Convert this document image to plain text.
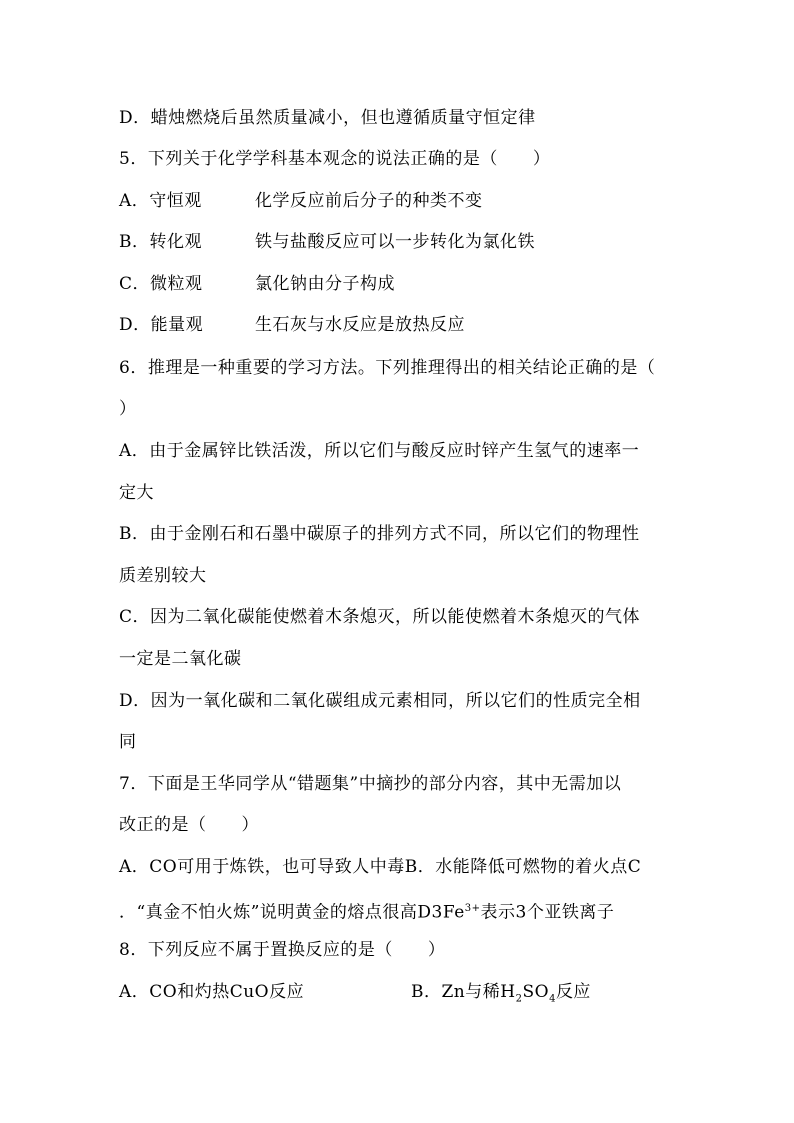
D．蜡烛燃烧后虽然质量减小，但也遵循质量守恒定律
5．下列关于化学学科基本观念的说法正确的是（　　）
A．守恒观	化学反应前后分子的种类不变
B．转化观	铁与盐酸反应可以一步转化为氯化铁
C．微粒观	氯化钠由分子构成
D．能量观	生石灰与水反应是放热反应
6．推理是一种重要的学习方法。下列推理得出的相关结论正确的是（
）
A．由于金属锌比铁活泼，所以它们与酸反应时锌产生氢气的速率一
定大
B．由于金刚石和石墨中碳原子的排列方式不同，所以它们的物理性
质差别较大
C．因为二氧化碳能使燃着木条熄灭，所以能使燃着木条熄灭的气体
一定是二氧化碳
D．因为一氧化碳和二氧化碳组成元素相同，所以它们的性质完全相
同
7．下面是王华同学从“错题集”中摘抄的部分内容，其中无需加以
改正的是（　　）
A．CO可用于炼铁，也可导致人中毒B．水能降低可燃物的着火点C
．“真金不怕火炼”说明黄金的熔点很高$D3Fe^{3+}$表示3个亚铁离子
8．下列反应不属于置换反应的是（　　）
A．CO和灼热CuO反应	B．Zn与稀$H_2SO_4$反应
